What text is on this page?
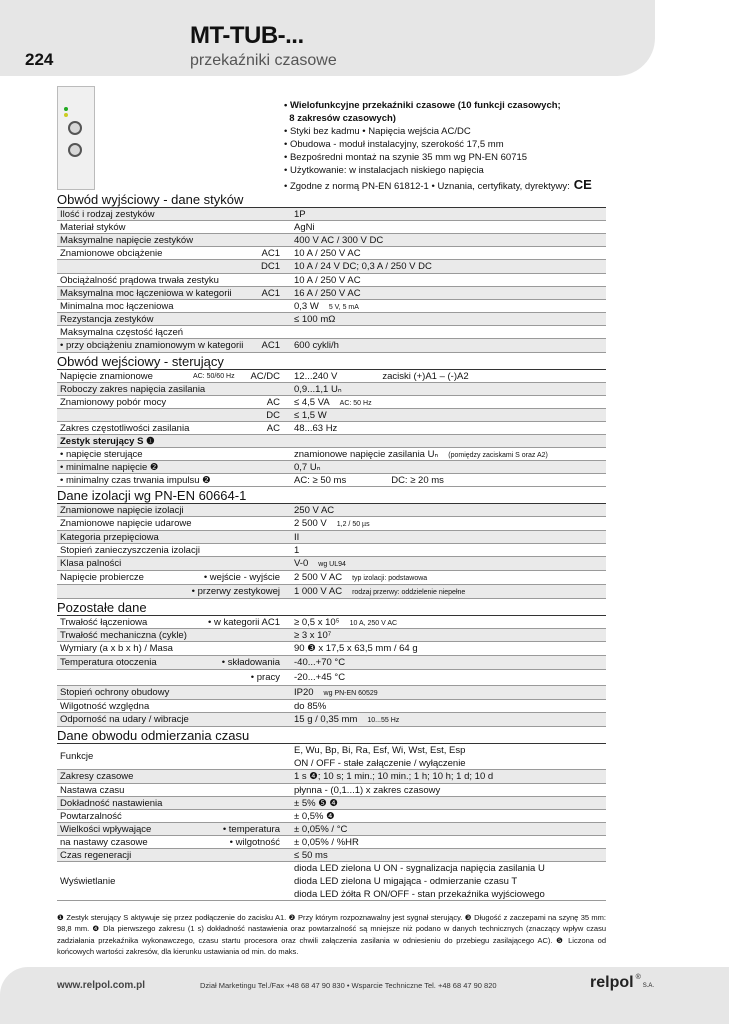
224
MT-TUB-...
przekaźniki czasowe
• Wielofunkcyjne przekaźniki czasowe (10 funkcji czasowych;
8 zakresów czasowych)
• Styki bez kadmu • Napięcia wejścia AC/DC
• Obudowa - moduł instalacyjny, szerokość 17,5 mm
• Bezpośredni montaż na szynie 35 mm wg PN-EN 60715
• Użytkowanie: w instalacjach niskiego napięcia
• Zgodne z normą PN-EN 61812-1 • Uznania, certyfikaty, dyrektywy: CE
Obwód wyjściowy - dane styków
Ilość i rodzaj zestyków	1P
Materiał styków	AgNi
Maksymalne napięcie zestyków	400 V AC / 300 V DC
Znamionowe obciążenie	AC1	10 A / 250 V AC
DC1	10 A / 24 V DC; 0,3 A / 250 V DC
Obciążalność prądowa trwała zestyku	10 A / 250 V AC
Maksymalna moc łączeniowa w kategorii	AC1	16 A / 250 V AC
Minimalna moc łączeniowa	0,3 W 5 V, 5 mA
Rezystancja zestyków	≤ 100 mΩ
Maksymalna częstość łączeń
• przy obciążeniu znamionowym w kategorii AC1	600 cykli/h
Obwód wejściowy - sterujący
Napięcie znamionowe	AC: 50/60 Hz AC/DC	12...240 V	zaciski (+)A1 – (-)A2
Roboczy zakres napięcia zasilania	0,9...1,1 Uₙ
Znamionowy pobór mocy	AC	≤ 4,5 VA AC: 50 Hz
DC	≤ 1,5 W
Zakres częstotliwości zasilania	AC	48...63 Hz
Zestyk sterujący S ❶
• napięcie sterujące	znamionowe napięcie zasilania Uₙ (pomiędzy zaciskami S oraz A2)
• minimalne napięcie ❷	0,7 Uₙ
• minimalny czas trwania impulsu ❷	AC: ≥ 50 ms	DC: ≥ 20 ms
Dane izolacji wg PN-EN 60664-1
Znamionowe napięcie izolacji	250 V AC
Znamionowe napięcie udarowe	2 500 V 1,2 / 50 µs
Kategoria przepięciowa	II
Stopień zanieczyszczenia izolacji	1
Klasa palności	V-0 wg UL94
Napięcie probiercze	• wejście - wyjście	2 500 V AC typ izolacji: podstawowa
• przerwy zestykowej	1 000 V AC rodzaj przerwy: oddzielenie niepełne
Pozostałe dane
Trwałość łączeniowa	• w kategorii AC1	≥ 0,5 x 10⁵ 10 A, 250 V AC
Trwałość mechaniczna (cykle)	≥ 3 x 10⁷
Wymiary (a x b x h) / Masa	90 ❸ x 17,5 x 63,5 mm / 64 g
Temperatura otoczenia	• składowania	-40...+70 °C
• pracy	-20...+45 °C
Stopień ochrony obudowy	IP20 wg PN-EN 60529
Wilgotność względna	do 85%
Odporność na udary / wibracje	15 g / 0,35 mm 10...55 Hz
Dane obwodu odmierzania czasu
Funkcje
E, Wu, Bp, Bi, Ra, Esf, Wi, Wst, Est, Esp
ON / OFF - stałe załączenie / wyłączenie
Zakresy czasowe	1 s ❹; 10 s; 1 min.; 10 min.; 1 h; 10 h; 1 d; 10 d
Nastawa czasu	płynna - (0,1...1) x zakres czasowy
Dokładność nastawienia	± 5% ❺ ❹
Powtarzalność	± 0,5% ❹
Wielkości wpływające	• temperatura	± 0,05% / °C
na nastawy czasowe	• wilgotność	± 0,05% / %HR
Czas regeneracji	≤ 50 ms
Wyświetlanie
dioda LED zielona U ON - sygnalizacja napięcia zasilania U
dioda LED zielona U migająca - odmierzanie czasu T
dioda LED żółta R ON/OFF - stan przekaźnika wyjściowego
❶ Zestyk sterujący S aktywuje się przez podłączenie do zacisku A1. ❷ Przy którym rozpoznawalny jest sygnał sterujący. ❸ Długość z zaczepami na szynę 35 mm: 98,8 mm. ❹ Dla pierwszego zakresu (1 s) dokładność nastawienia oraz powtarzalność są mniejsze niż podano w danych technicznych (znaczący wpływ czasu zadziałania przekaźnika wykonawczego, czasu startu procesora oraz chwili załączenia zasilania w odniesieniu do przebiegu zasilającego AC). ❺ Liczona od końcowych wartości zakresów, dla kierunku ustawiania od min. do maks.
www.relpol.com.pl	Dział Marketingu Tel./Fax +48 68 47 90 830 • Wsparcie Techniczne Tel. +48 68 47 90 820	relpol ®S.A.
